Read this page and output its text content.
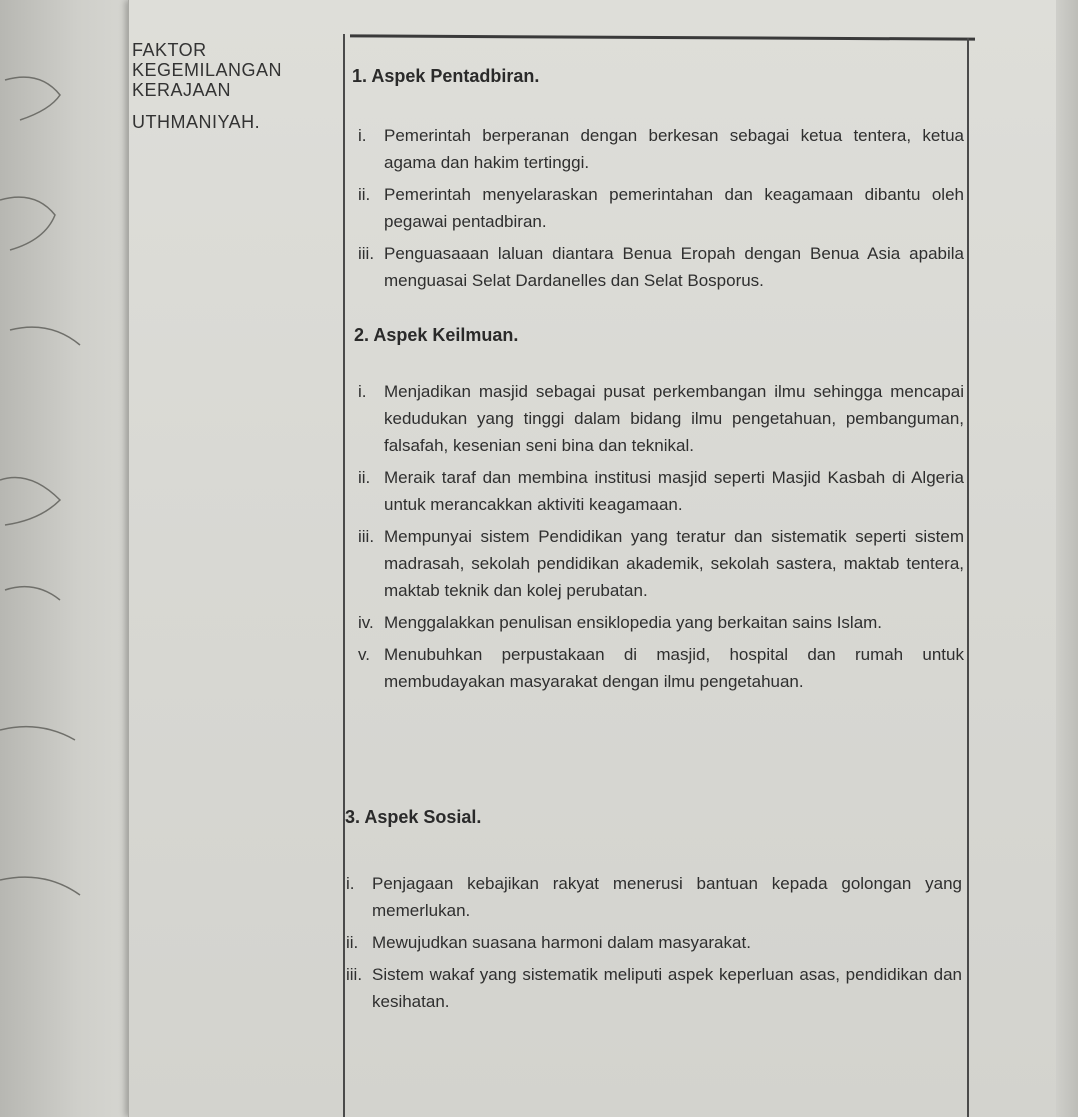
FAKTOR
KEGEMILANGAN
KERAJAAN
UTHMANIYAH.
1. Aspek Pentadbiran.
i.	Pemerintah berperanan dengan berkesan sebagai ketua tentera, ketua agama dan hakim tertinggi.
ii. Pemerintah menyelaraskan pemerintahan dan keagamaan dibantu oleh pegawai pentadbiran.
iii. Penguasaaan laluan diantara Benua Eropah dengan Benua Asia apabila menguasai Selat Dardanelles dan Selat Bosporus.
2. Aspek Keilmuan.
i.	Menjadikan masjid sebagai pusat perkembangan ilmu sehingga mencapai kedudukan yang tinggi dalam bidang ilmu pengetahuan, pembanguman, falsafah, kesenian seni bina dan teknikal.
ii. Meraik taraf dan membina institusi masjid seperti Masjid Kasbah di Algeria untuk merancakkan aktiviti keagamaan.
iii. Mempunyai sistem Pendidikan yang teratur dan sistematik seperti sistem madrasah, sekolah pendidikan akademik, sekolah sastera, maktab tentera, maktab teknik dan kolej perubatan.
iv. Menggalakkan penulisan ensiklopedia yang berkaitan sains Islam.
v. Menubuhkan perpustakaan di masjid, hospital dan rumah untuk membudayakan masyarakat dengan ilmu pengetahuan.
3. Aspek Sosial.
i.	Penjagaan kebajikan rakyat menerusi bantuan kepada golongan yang memerlukan.
ii. Mewujudkan suasana harmoni dalam masyarakat.
iii. Sistem wakaf yang sistematik meliputi aspek keperluan asas, pendidikan dan kesihatan.
